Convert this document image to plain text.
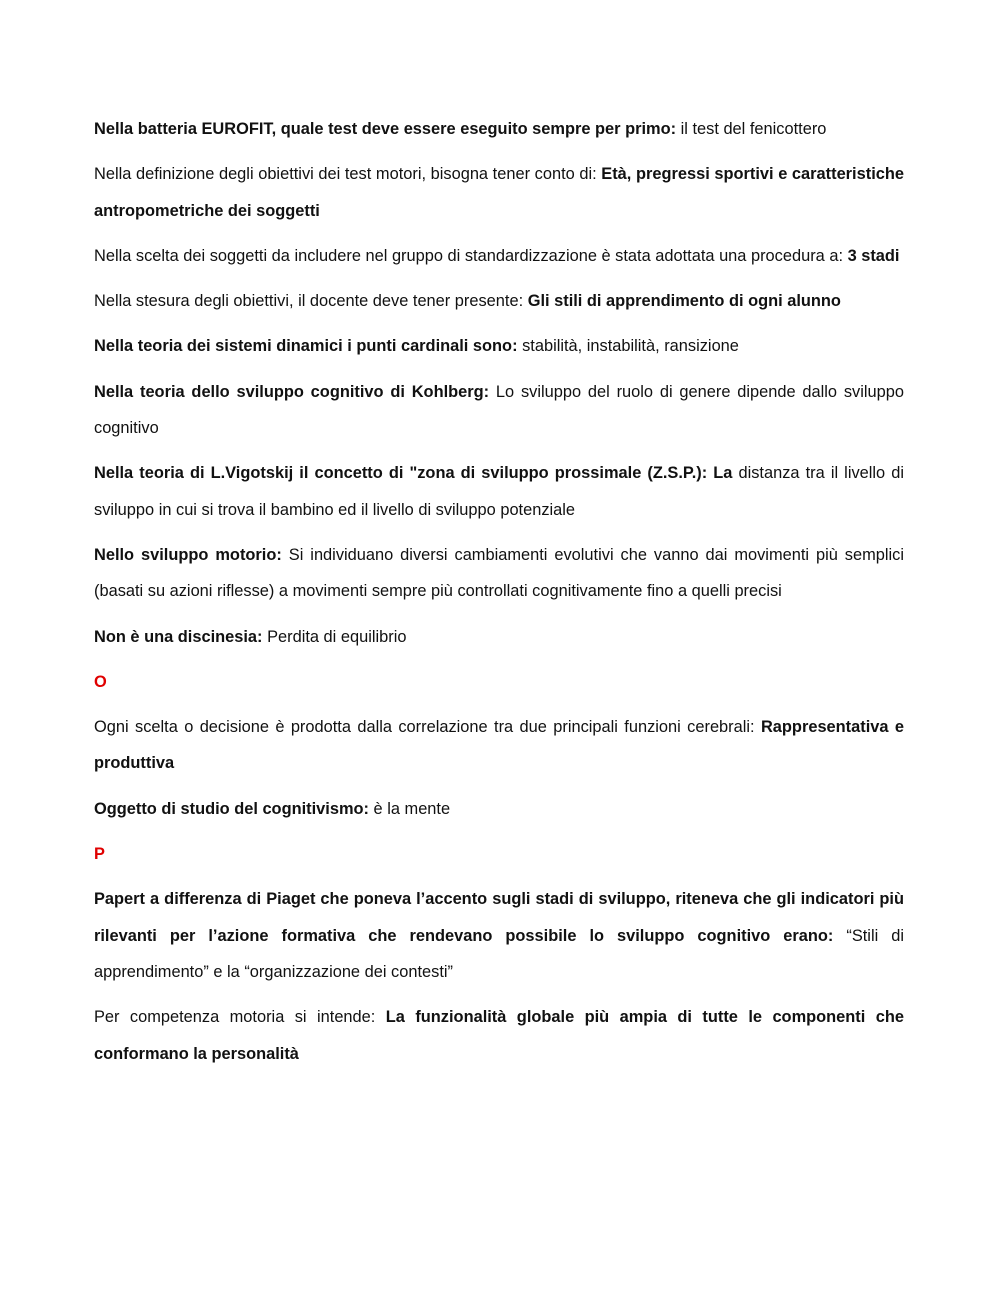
Nella batteria EUROFIT, quale test deve essere eseguito sempre per primo: il test del fenicottero

Nella definizione degli obiettivi dei test motori, bisogna tener conto di: Età, pregressi sportivi e caratteristiche antropometriche dei soggetti

Nella scelta dei soggetti da includere nel gruppo di standardizzazione è stata adottata una procedura a: 3 stadi

Nella stesura degli obiettivi, il docente deve tener presente: Gli stili di apprendimento di ogni alunno

Nella teoria dei sistemi dinamici i punti cardinali sono: stabilità, instabilità, ransizione

Nella teoria dello sviluppo cognitivo di Kohlberg: Lo sviluppo del ruolo di genere dipende dallo sviluppo cognitivo

Nella teoria di L.Vigotskij il concetto di "zona di sviluppo prossimale (Z.S.P.): La distanza tra il livello di sviluppo in cui si trova il bambino ed il livello di sviluppo potenziale

Nello sviluppo motorio: Si individuano diversi cambiamenti evolutivi che vanno dai movimenti più semplici (basati su azioni riflesse) a movimenti sempre più controllati cognitivamente fino a quelli precisi

Non è una discinesia: Perdita di equilibrio

O

Ogni scelta o decisione è prodotta dalla correlazione tra due principali funzioni cerebrali: Rappresentativa e produttiva

Oggetto di studio del cognitivismo: è la mente

P

Papert a differenza di Piaget che poneva l’accento sugli stadi di sviluppo, riteneva che gli indicatori più rilevanti per l’azione formativa che rendevano possibile lo sviluppo cognitivo erano: “Stili di apprendimento” e la “organizzazione dei contesti”

Per competenza motoria si intende: La funzionalità globale più ampia di tutte le componenti che conformano la personalità
